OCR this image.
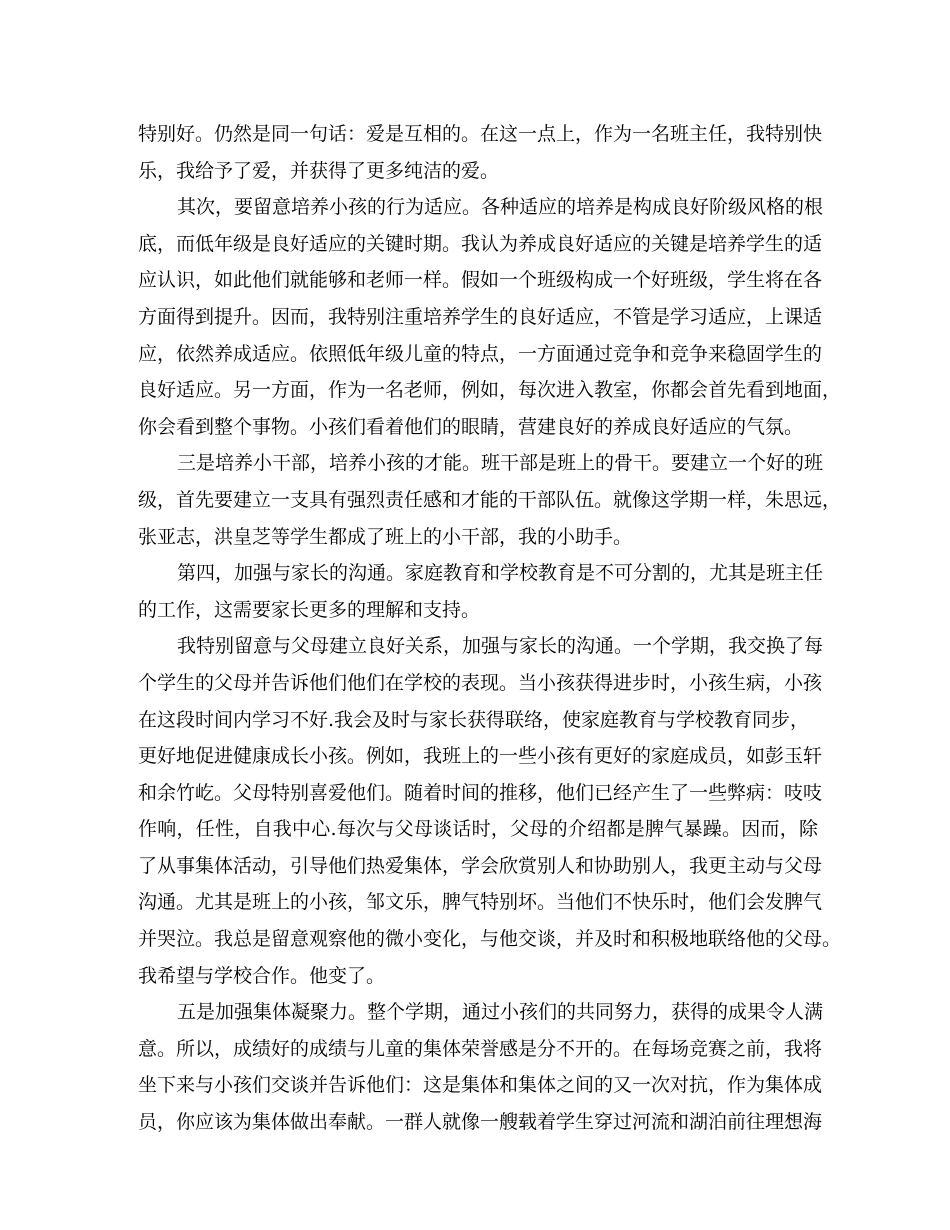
特别好。仍然是同一句话：爱是互相的。在这一点上，作为一名班主任，我特别快
乐，我给予了爱，并获得了更多纯洁的爱。
其次，要留意培养小孩的行为适应。各种适应的培养是构成良好阶级风格的根
底，而低年级是良好适应的关键时期。我认为养成良好适应的关键是培养学生的适
应认识，如此他们就能够和老师一样。假如一个班级构成一个好班级，学生将在各
方面得到提升。因而，我特别注重培养学生的良好适应，不管是学习适应，上课适
应，依然养成适应。依照低年级儿童的特点，一方面通过竞争和竞争来稳固学生的
良好适应。另一方面，作为一名老师，例如，每次进入教室，你都会首先看到地面，
你会看到整个事物。小孩们看着他们的眼睛，营建良好的养成良好适应的气氛。
三是培养小干部，培养小孩的才能。班干部是班上的骨干。要建立一个好的班
级，首先要建立一支具有强烈责任感和才能的干部队伍。就像这学期一样，朱思远，
张亚志，洪皇芝等学生都成了班上的小干部，我的小助手。
第四，加强与家长的沟通。家庭教育和学校教育是不可分割的，尤其是班主任
的工作，这需要家长更多的理解和支持。
我特别留意与父母建立良好关系，加强与家长的沟通。一个学期，我交换了每
个学生的父母并告诉他们他们在学校的表现。当小孩获得进步时，小孩生病，小孩
在这段时间内学习不好.我会及时与家长获得联络，使家庭教育与学校教育同步，
更好地促进健康成长小孩。例如，我班上的一些小孩有更好的家庭成员，如彭玉轩
和余竹屹。父母特别喜爱他们。随着时间的推移，他们已经产生了一些弊病：吱吱
作响，任性，自我中心.每次与父母谈话时，父母的介绍都是脾气暴躁。因而，除
了从事集体活动，引导他们热爱集体，学会欣赏别人和协助别人，我更主动与父母
沟通。尤其是班上的小孩，邹文乐，脾气特别坏。当他们不快乐时，他们会发脾气
并哭泣。我总是留意观察他的微小变化，与他交谈，并及时和积极地联络他的父母。
我希望与学校合作。他变了。
五是加强集体凝聚力。整个学期，通过小孩们的共同努力，获得的成果令人满
意。所以，成绩好的成绩与儿童的集体荣誉感是分不开的。在每场竞赛之前，我将
坐下来与小孩们交谈并告诉他们：这是集体和集体之间的又一次对抗，作为集体成
员，你应该为集体做出奉献。一群人就像一艘载着学生穿过河流和湖泊前往理想海
